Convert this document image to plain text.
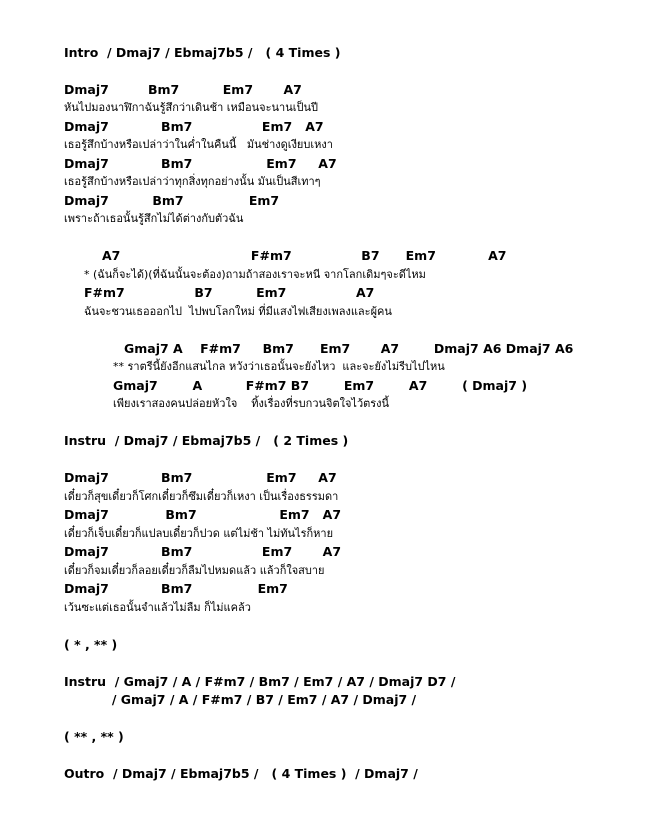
Intro  / Dmaj7 / Ebmaj7b5 /   ( 4 Times )
Dmaj7         Bm7          Em7       A7
หันไปมองนาฬิกาฉันรู้สึกว่าเดินช้า เหมือนจะนานเป็นปี
Dmaj7            Bm7                Em7   A7
เธอรู้สึกบ้างหรือเปล่าว่าในค่ำในคืนนี้   มันช่างดูเงียบเหงา
Dmaj7            Bm7                 Em7     A7
เธอรู้สึกบ้างหรือเปล่าว่าทุกสิ่งทุกอย่างนั้น มันเป็นสีเทาๆ
Dmaj7          Bm7               Em7
เพราะถ้าเธอนั้นรู้สึกไม่ได้ต่างกับตัวฉัน
A7                              F#m7                B7      Em7            A7
* (ฉันก็จะได้)(ที่ฉันนั้นจะต้อง)ถามถ้าสองเราจะหนี จากโลกเดิมๆจะดีไหม
F#m7                B7          Em7                A7
ฉันจะชวนเธอออกไป  ไปพบโลกใหม่ ที่มีแสงไฟเสียงเพลงและผู้คน
Gmaj7 A    F#m7     Bm7      Em7       A7        Dmaj7 A6 Dmaj7 A6
** ราตรีนี้ยังอีกแสนไกล หวังว่าเธอนั้นจะยังไหว  และจะยังไม่รีบไปไหน
Gmaj7        A          F#m7 B7        Em7        A7        ( Dmaj7 )
เพียงเราสองคนปล่อยหัวใจ    ทิ้งเรื่องที่รบกวนจิตใจไว้ตรงนี้
Instru  / Dmaj7 / Ebmaj7b5 /   ( 2 Times )
Dmaj7            Bm7                 Em7     A7
เดี๋ยวก็สุขเดี๋ยวก็โศกเดี๋ยวก็ซึมเดี๋ยวก็เหงา เป็นเรื่องธรรมดา
Dmaj7             Bm7                   Em7   A7
เดี๋ยวก็เจ็บเดี๋ยวก็แปลบเดี๋ยวก็ปวด แต่ไม่ช้า ไม่ทันไรก็หาย
Dmaj7            Bm7                Em7       A7
เดี๋ยวก็จมเดี๋ยวก็ลอยเดี๋ยวก็ลืมไปหมดแล้ว แล้วก็ใจสบาย
Dmaj7            Bm7               Em7
เว้นซะแต่เธอนั้นจำแล้วไม่ลืม ก็ไม่แคล้ว
( * , ** )
Instru  / Gmaj7 / A / F#m7 / Bm7 / Em7 / A7 / Dmaj7 D7 /
/ Gmaj7 / A / F#m7 / B7 / Em7 / A7 / Dmaj7 /
( ** , ** )
Outro  / Dmaj7 / Ebmaj7b5 /   ( 4 Times )  / Dmaj7 /
